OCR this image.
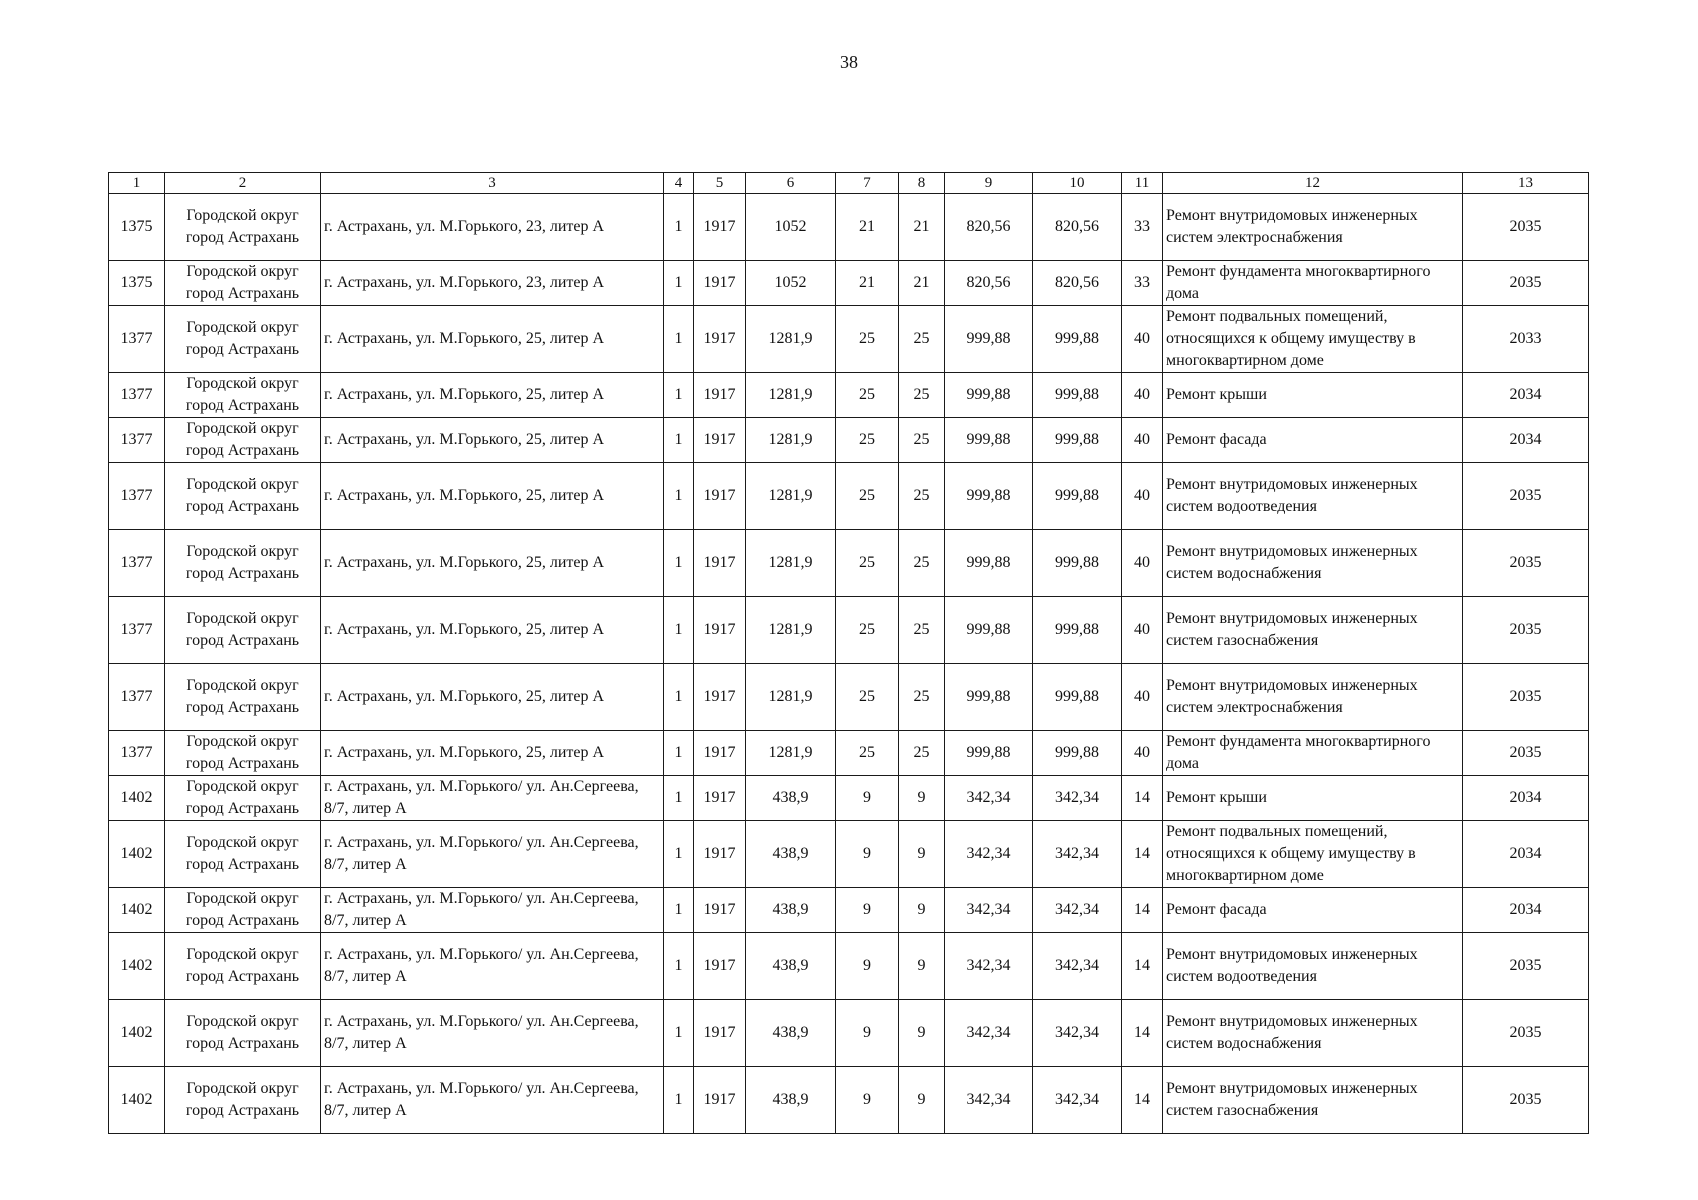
38
1	2	3	4	5	6	7	8	9	10	11	12	13
1375	Городской округ город Астрахань	г. Астрахань, ул. М.Горького, 23, литер А	1	1917	1052	21	21	820,56	820,56	33	Ремонт внутридомовых инженерных систем электроснабжения	2035
1375	Городской округ город Астрахань	г. Астрахань, ул. М.Горького, 23, литер А	1	1917	1052	21	21	820,56	820,56	33	Ремонт фундамента многоквартирного дома	2035
1377	Городской округ город Астрахань	г. Астрахань, ул. М.Горького, 25, литер А	1	1917	1281,9	25	25	999,88	999,88	40	Ремонт подвальных помещений, относящихся к общему имуществу в многоквартирном доме	2033
1377	Городской округ город Астрахань	г. Астрахань, ул. М.Горького, 25, литер А	1	1917	1281,9	25	25	999,88	999,88	40	Ремонт крыши	2034
1377	Городской округ город Астрахань	г. Астрахань, ул. М.Горького, 25, литер А	1	1917	1281,9	25	25	999,88	999,88	40	Ремонт фасада	2034
1377	Городской округ город Астрахань	г. Астрахань, ул. М.Горького, 25, литер А	1	1917	1281,9	25	25	999,88	999,88	40	Ремонт внутридомовых инженерных систем водоотведения	2035
1377	Городской округ город Астрахань	г. Астрахань, ул. М.Горького, 25, литер А	1	1917	1281,9	25	25	999,88	999,88	40	Ремонт внутридомовых инженерных систем водоснабжения	2035
1377	Городской округ город Астрахань	г. Астрахань, ул. М.Горького, 25, литер А	1	1917	1281,9	25	25	999,88	999,88	40	Ремонт внутридомовых инженерных систем газоснабжения	2035
1377	Городской округ город Астрахань	г. Астрахань, ул. М.Горького, 25, литер А	1	1917	1281,9	25	25	999,88	999,88	40	Ремонт внутридомовых инженерных систем электроснабжения	2035
1377	Городской округ город Астрахань	г. Астрахань, ул. М.Горького, 25, литер А	1	1917	1281,9	25	25	999,88	999,88	40	Ремонт фундамента многоквартирного дома	2035
1402	Городской округ город Астрахань	г. Астрахань, ул. М.Горького/ ул. Ан.Сергеева, 8/7, литер А	1	1917	438,9	9	9	342,34	342,34	14	Ремонт крыши	2034
1402	Городской округ город Астрахань	г. Астрахань, ул. М.Горького/ ул. Ан.Сергеева, 8/7, литер А	1	1917	438,9	9	9	342,34	342,34	14	Ремонт подвальных помещений, относящихся к общему имуществу в многоквартирном доме	2034
1402	Городской округ город Астрахань	г. Астрахань, ул. М.Горького/ ул. Ан.Сергеева, 8/7, литер А	1	1917	438,9	9	9	342,34	342,34	14	Ремонт фасада	2034
1402	Городской округ город Астрахань	г. Астрахань, ул. М.Горького/ ул. Ан.Сергеева, 8/7, литер А	1	1917	438,9	9	9	342,34	342,34	14	Ремонт внутридомовых инженерных систем водоотведения	2035
1402	Городской округ город Астрахань	г. Астрахань, ул. М.Горького/ ул. Ан.Сергеева, 8/7, литер А	1	1917	438,9	9	9	342,34	342,34	14	Ремонт внутридомовых инженерных систем водоснабжения	2035
1402	Городской округ город Астрахань	г. Астрахань, ул. М.Горького/ ул. Ан.Сергеева, 8/7, литер А	1	1917	438,9	9	9	342,34	342,34	14	Ремонт внутридомовых инженерных систем газоснабжения	2035
